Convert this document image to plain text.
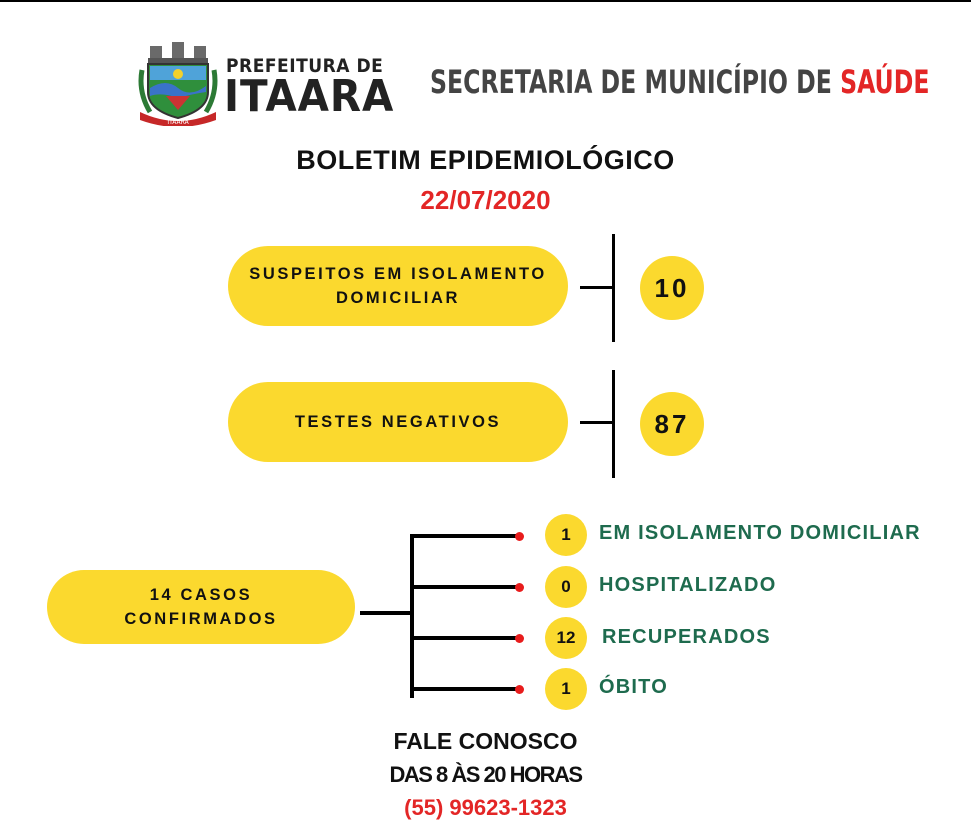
ITAARA
PREFEITURA DE
ITAARA SECRETARIA DE MUNICÍPIO DE SAÚDE
BOLETIM EPIDEMIOLÓGICO
22/07/2020
SUSPEITOS EM ISOLAMENTO DOMICILIAR	10
TESTES NEGATIVOS	87
14 CASOS CONFIRMADOS
1	EM ISOLAMENTO DOMICILIAR
0	HOSPITALIZADO
12	RECUPERADOS
1	ÓBITO
FALE CONOSCO
DAS 8 ÀS 20 HORAS
(55) 99623-1323
